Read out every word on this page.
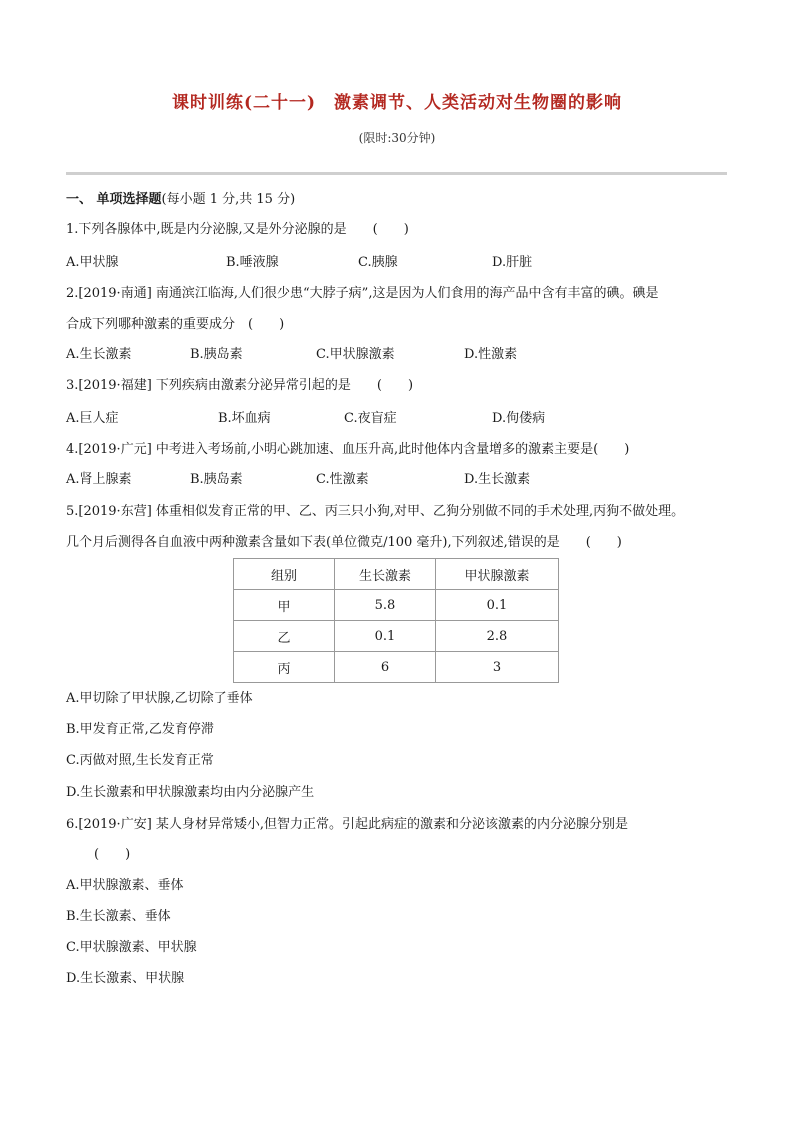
课时训练(二十一)　激素调节、人类活动对生物圈的影响
(限时:30分钟)
一、 单项选择题(每小题 1 分,共 15 分)
1.下列各腺体中,既是内分泌腺,又是外分泌腺的是　　(　　)
A.甲状腺	B.唾液腺	C.胰腺	D.肝脏
2.[2019·南通] 南通滨江临海,人们很少患“大脖子病”,这是因为人们食用的海产品中含有丰富的碘。碘是
合成下列哪种激素的重要成分　(　　)
A.生长激素	B.胰岛素	C.甲状腺激素	D.性激素
3.[2019·福建] 下列疾病由激素分泌异常引起的是　　(　　)
A.巨人症	B.坏血病	C.夜盲症	D.佝偻病
4.[2019·广元] 中考进入考场前,小明心跳加速、血压升高,此时他体内含量增多的激素主要是(　　)
A.肾上腺素	B.胰岛素	C.性激素	D.生长激素
5.[2019·东营] 体重相似发育正常的甲、乙、丙三只小狗,对甲、乙狗分别做不同的手术处理,丙狗不做处理。
几个月后测得各自血液中两种激素含量如下表(单位微克/100 毫升),下列叙述,错误的是　　(　　)
组别	生长激素	甲状腺激素
甲	5.8	0.1
乙	0.1	2.8
丙	6	3
A.甲切除了甲状腺,乙切除了垂体
B.甲发育正常,乙发育停滞
C.丙做对照,生长发育正常
D.生长激素和甲状腺激素均由内分泌腺产生
6.[2019·广安] 某人身材异常矮小,但智力正常。引起此病症的激素和分泌该激素的内分泌腺分别是
(　　)
A.甲状腺激素、垂体
B.生长激素、垂体
C.甲状腺激素、甲状腺
D.生长激素、甲状腺
